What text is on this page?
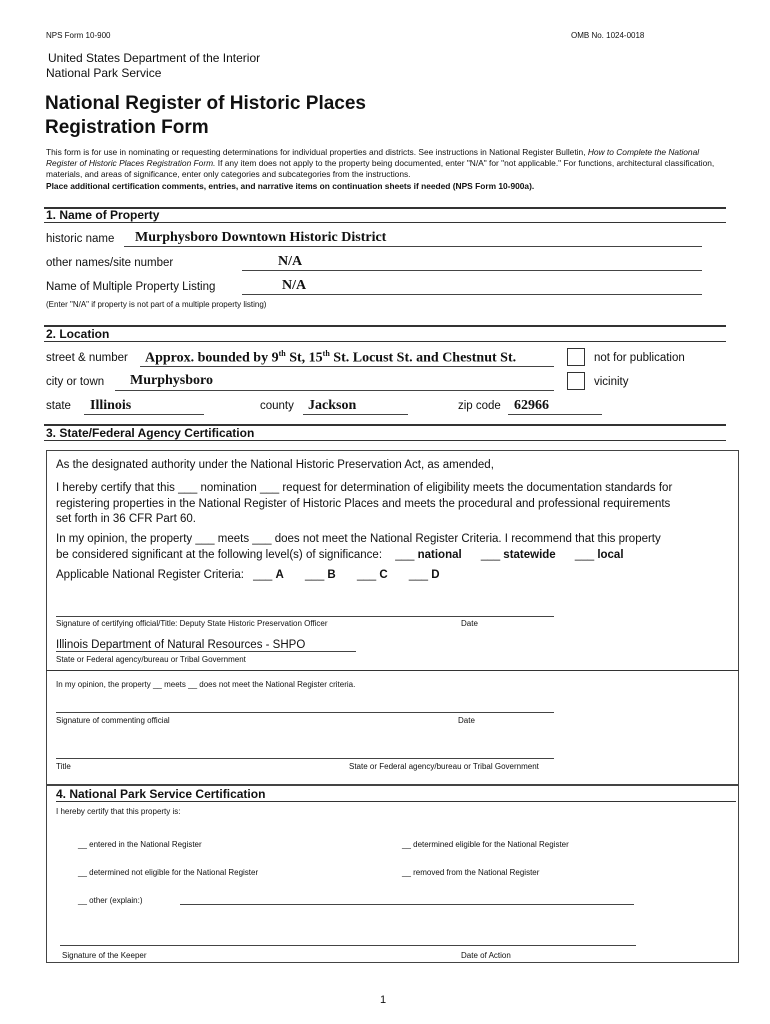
NPS Form 10-900	OMB No. 1024-0018
United States Department of the Interior
National Park Service
National Register of Historic Places
Registration Form
This form is for use in nominating or requesting determinations for individual properties and districts. See instructions in National Register Bulletin, How to Complete the National Register of Historic Places Registration Form. If any item does not apply to the property being documented, enter "N/A" for "not applicable." For functions, architectural classification, materials, and areas of significance, enter only categories and subcategories from the instructions.
Place additional certification comments, entries, and narrative items on continuation sheets if needed (NPS Form 10-900a).
1. Name of Property
historic name Murphysboro Downtown Historic District
other names/site number	N/A
Name of Multiple Property Listing	N/A
(Enter "N/A" if property is not part of a multiple property listing)
2. Location
street & number Approx. bounded by 9th St, 15th St. Locust St. and Chestnut St.	not for publication
city or town Murphysboro	vicinity
state Illinois	county Jackson	zip code 62966
3. State/Federal Agency Certification
As the designated authority under the National Historic Preservation Act, as amended,
I hereby certify that this ___ nomination ___ request for determination of eligibility meets the documentation standards for
registering properties in the National Register of Historic Places and meets the procedural and professional requirements
set forth in 36 CFR Part 60.
In my opinion, the property ___ meets ___ does not meet the National Register Criteria. I recommend that this property
be considered significant at the following level(s) of significance: ___ national ___ statewide ___ local
Applicable National Register Criteria: ___ A ___ B ___ C ___ D
Signature of certifying official/Title: Deputy State Historic Preservation Officer	Date
Illinois Department of Natural Resources - SHPO
State or Federal agency/bureau or Tribal Government
In my opinion, the property __ meets __ does not meet the National Register criteria.
Signature of commenting official	Date
Title	State or Federal agency/bureau or Tribal Government
4. National Park Service Certification
I hereby certify that this property is:
__ entered in the National Register	__ determined eligible for the National Register
__ determined not eligible for the National Register	__ removed from the National Register
__ other (explain:)
Signature of the Keeper	Date of Action
1
